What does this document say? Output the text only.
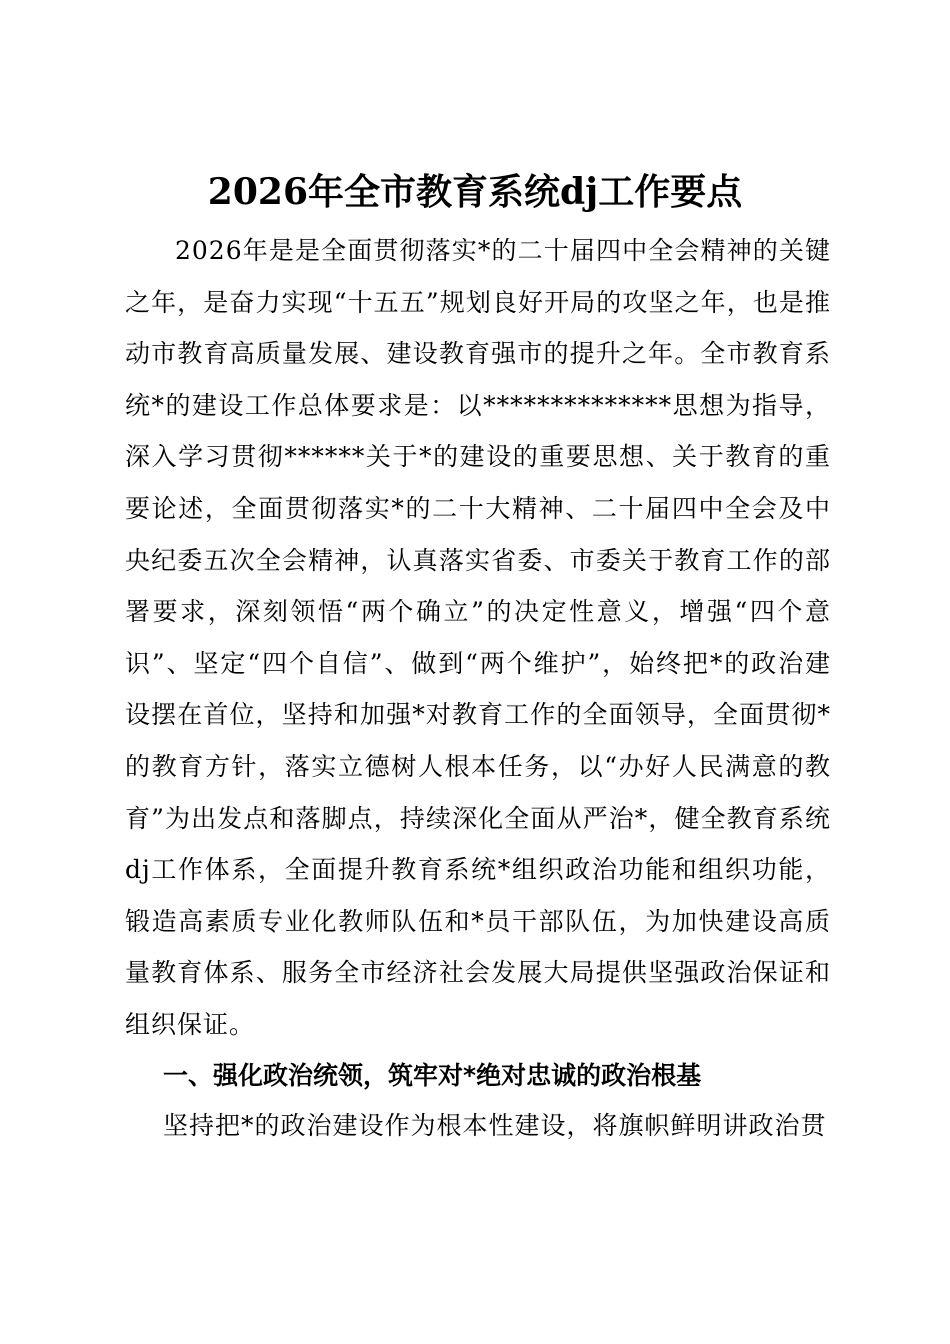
2026年全市教育系统dj工作要点

2026年是是全面贯彻落实*的二十届四中全会精神的关键之年，是奋力实现“十五五”规划良好开局的攻坚之年，也是推动市教育高质量发展、建设教育强市的提升之年。全市教育系统*的建设工作总体要求是：以**************思想为指导，深入学习贯彻******关于*的建设的重要思想、关于教育的重要论述，全面贯彻落实*的二十大精神、二十届四中全会及中央纪委五次全会精神，认真落实省委、市委关于教育工作的部署要求，深刻领悟“两个确立”的决定性意义，增强“四个意识”、坚定“四个自信”、做到“两个维护”，始终把*的政治建设摆在首位，坚持和加强*对教育工作的全面领导，全面贯彻*的教育方针，落实立德树人根本任务，以“办好人民满意的教育”为出发点和落脚点，持续深化全面从严治*，健全教育系统dj工作体系，全面提升教育系统*组织政治功能和组织功能，锻造高素质专业化教师队伍和*员干部队伍，为加快建设高质量教育体系、服务全市经济社会发展大局提供坚强政治保证和组织保证。

一、强化政治统领，筑牢对*绝对忠诚的政治根基

坚持把*的政治建设作为根本性建设，将旗帜鲜明讲政治贯
